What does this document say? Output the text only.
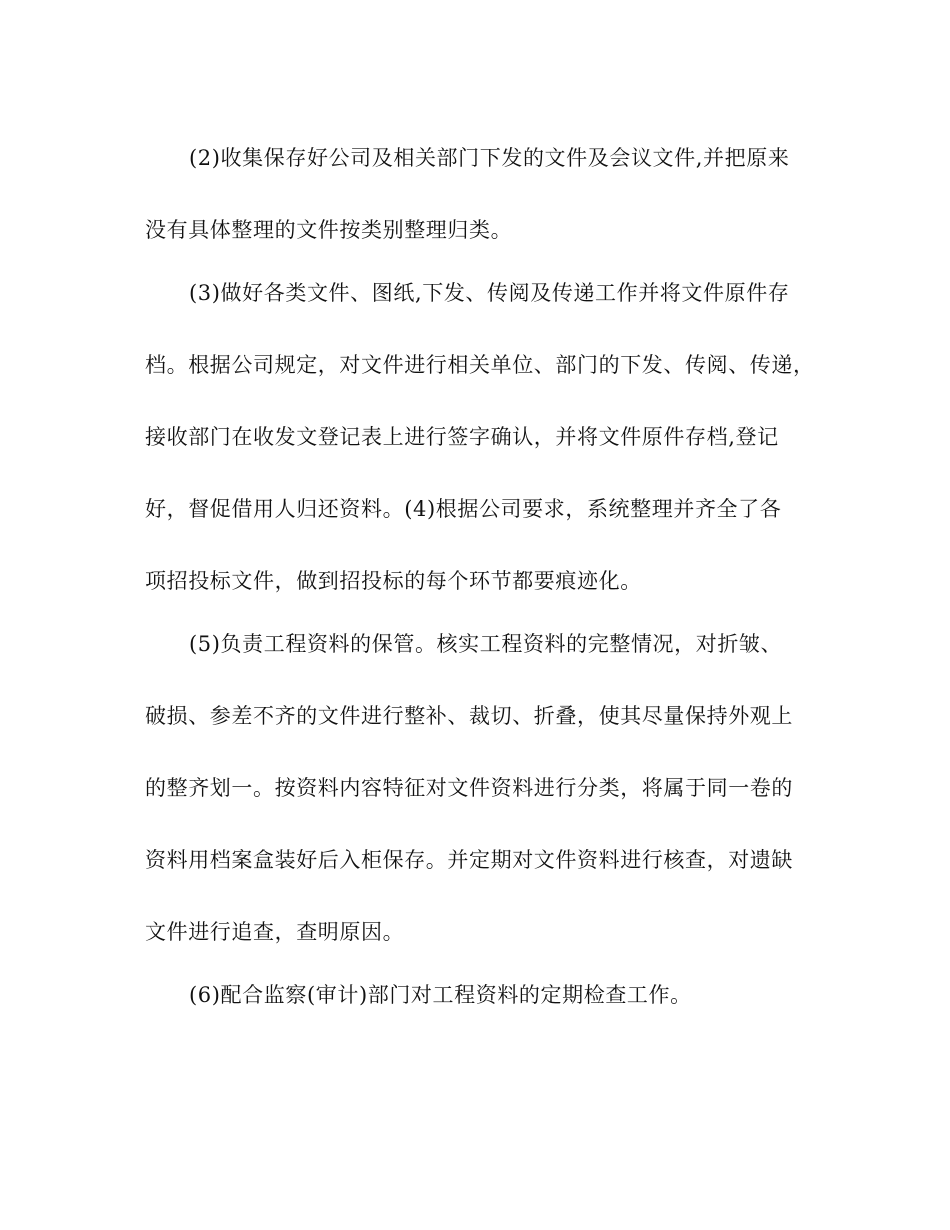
(2)收集保存好公司及相关部门下发的文件及会议文件,并把原来
没有具体整理的文件按类别整理归类。
(3)做好各类文件、图纸,下发、传阅及传递工作并将文件原件存
档。根据公司规定，对文件进行相关单位、部门的下发、传阅、传递，
接收部门在收发文登记表上进行签字确认，并将文件原件存档,登记
好，督促借用人归还资料。(4)根据公司要求，系统整理并齐全了各
项招投标文件，做到招投标的每个环节都要痕迹化。
(5)负责工程资料的保管。核实工程资料的完整情况，对折皱、
破损、参差不齐的文件进行整补、裁切、折叠，使其尽量保持外观上
的整齐划一。按资料内容特征对文件资料进行分类，将属于同一卷的
资料用档案盒装好后入柜保存。并定期对文件资料进行核查，对遗缺
文件进行追查，查明原因。
(6)配合监察(审计)部门对工程资料的定期检查工作。
